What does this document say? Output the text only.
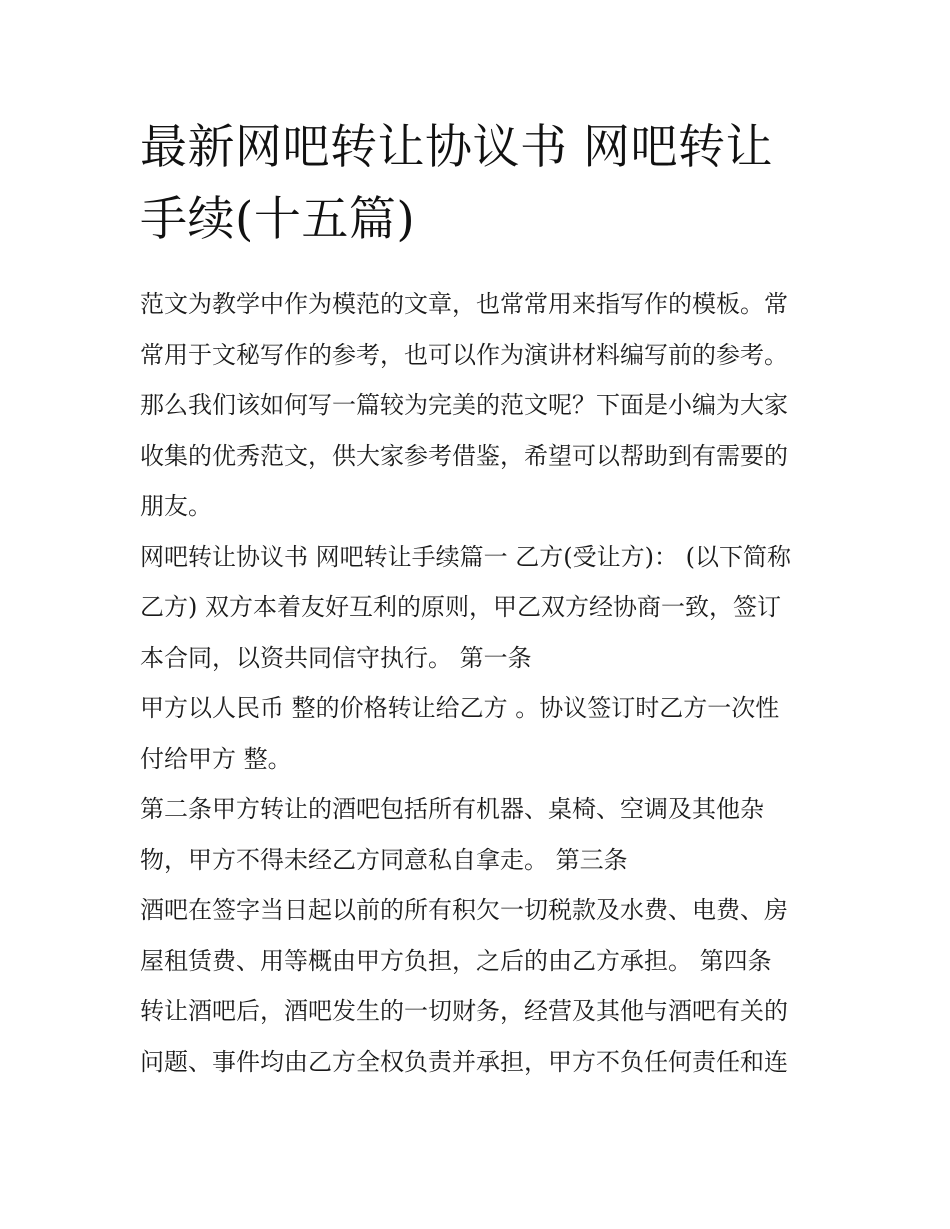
最新网吧转让协议书 网吧转让
手续(十五篇)
范文为教学中作为模范的文章，也常常用来指写作的模板。常
常用于文秘写作的参考，也可以作为演讲材料编写前的参考。
那么我们该如何写一篇较为完美的范文呢？下面是小编为大家
收集的优秀范文，供大家参考借鉴，希望可以帮助到有需要的
朋友。
网吧转让协议书 网吧转让手续篇一 乙方(受让方)： (以下简称
乙方) 双方本着友好互利的原则，甲乙双方经协商一致，签订
本合同，以资共同信守执行。 第一条
甲方以人民币 整的价格转让给乙方 。协议签订时乙方一次性
付给甲方 整。
第二条甲方转让的酒吧包括所有机器、桌椅、空调及其他杂
物，甲方不得未经乙方同意私自拿走。 第三条
酒吧在签字当日起以前的所有积欠一切税款及水费、电费、房
屋租赁费、用等概由甲方负担，之后的由乙方承担。 第四条
转让酒吧后，酒吧发生的一切财务，经营及其他与酒吧有关的
问题、事件均由乙方全权负责并承担，甲方不负任何责任和连
